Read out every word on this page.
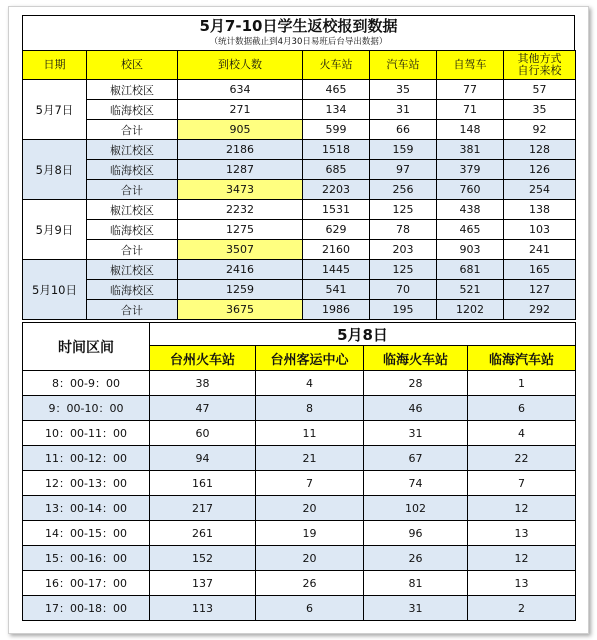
5月7-10日学生返校报到数据
（统计数据截止到4月30日易班后台导出数据）
日期	校区	到校人数	火车站	汽车站	自驾车	其他方式
自行来校
5月7日	椒江校区	634	465	35	77	57
	临海校区	271	134	31	71	35
	合计	905	599	66	148	92
5月8日	椒江校区	2186	1518	159	381	128
	临海校区	1287	685	97	379	126
	合计	3473	2203	256	760	254
5月9日	椒江校区	2232	1531	125	438	138
	临海校区	1275	629	78	465	103
	合计	3507	2160	203	903	241
5月10日	椒江校区	2416	1445	125	681	165
	临海校区	1259	541	70	521	127
	合计	3675	1986	195	1202	292
时间区间	5月8日			
	台州火车站	台州客运中心	临海火车站	临海汽车站
8：00-9：00	38	4	28	1
9：00-10：00	47	8	46	6
10：00-11：00	60	11	31	4
11：00-12：00	94	21	67	22
12：00-13：00	161	7	74	7
13：00-14：00	217	20	102	12
14：00-15：00	261	19	96	13
15：00-16：00	152	20	26	12
16：00-17：00	137	26	81	13
17：00-18：00	113	6	31	2
